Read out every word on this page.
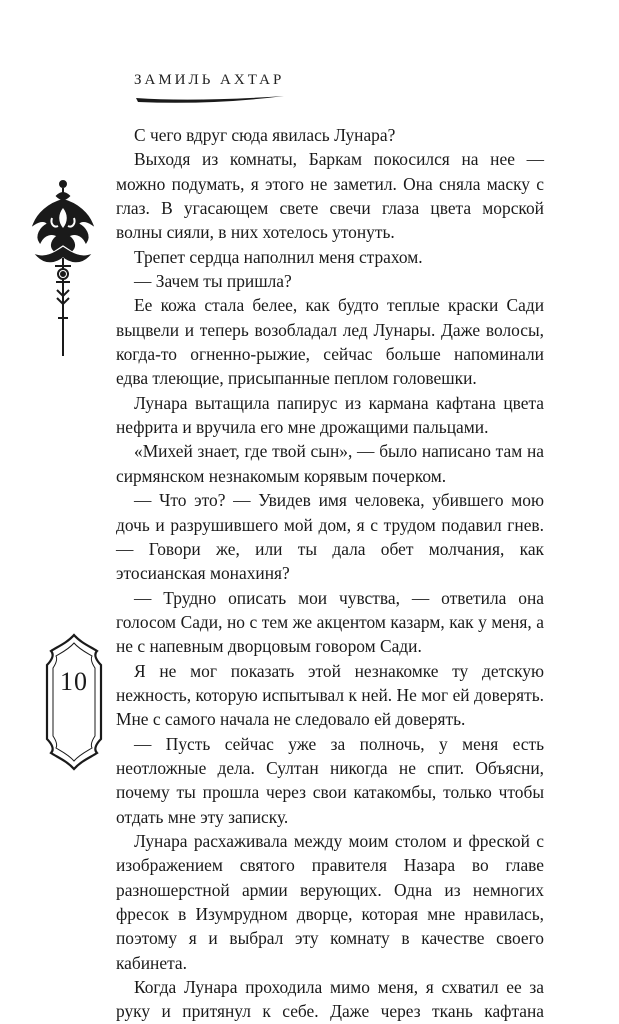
ЗАМИЛЬ АХТАР
10

С чего вдруг сюда явилась Лунара?

Выходя из комнаты, Баркам покосился на нее — можно подумать, я этого не заметил. Она сняла маску с глаз. В угасающем свете свечи глаза цвета морской волны сияли, в них хотелось утонуть.

Трепет сердца наполнил меня страхом.

— Зачем ты пришла?

Ее кожа стала белее, как будто теплые краски Сади выцвели и теперь возобладал лед Лунары. Даже волосы, когда-то огненно-рыжие, сейчас больше напоминали едва тлеющие, присыпанные пеплом головешки.

Лунара вытащила папирус из кармана кафтана цвета нефрита и вручила его мне дрожащими пальцами.

«Михей знает, где твой сын», — было написано там на сирмянском незнакомым корявым почерком.

— Что это? — Увидев имя человека, убившего мою дочь и разрушившего мой дом, я с трудом подавил гнев. — Говори же, или ты дала обет молчания, как этосианская монахиня?

— Трудно описать мои чувства, — ответила она голосом Сади, но с тем же акцентом казарм, как у меня, а не с напевным дворцовым говором Сади.

Я не мог показать этой незнакомке ту детскую нежность, которую испытывал к ней. Не мог ей доверять. Мне с самого начала не следовало ей доверять.

— Пусть сейчас уже за полночь, у меня есть неотложные дела. Султан никогда не спит. Объясни, почему ты прошла через свои катакомбы, только чтобы отдать мне эту записку.

Лунара расхаживала между моим столом и фреской с изображением святого правителя Назара во главе разношерстной армии верующих. Одна из немногих фресок в Изумрудном дворце, которая мне нравилась, поэтому я и выбрал эту комнату в качестве своего кабинета.

Когда Лунара проходила мимо меня, я схватил ее за руку и притянул к себе. Даже через ткань кафтана
